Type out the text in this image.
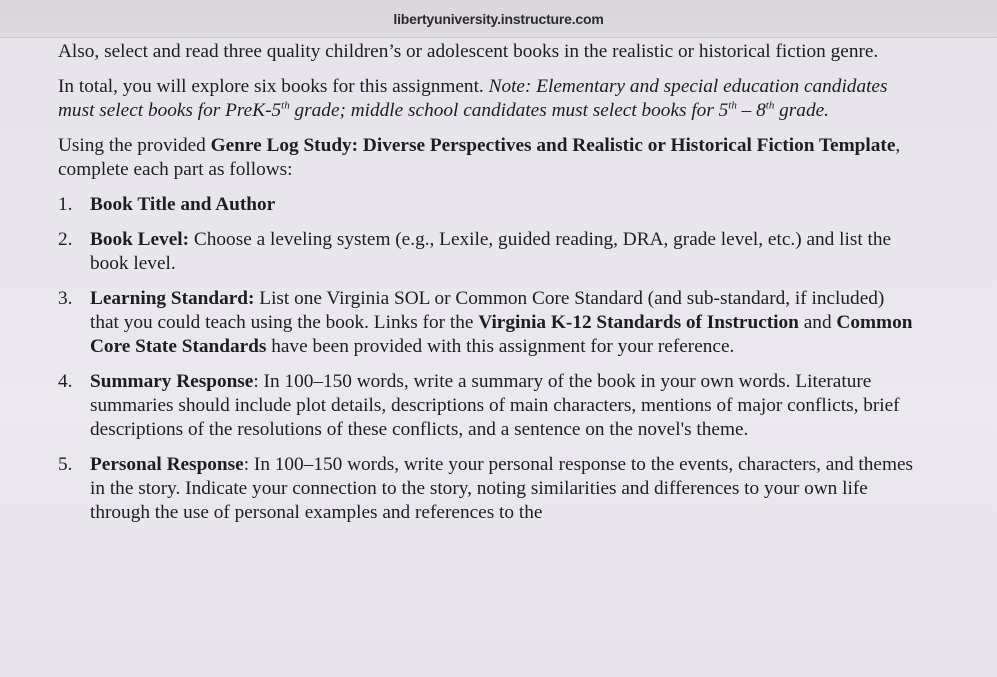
libertyuniversity.instructure.com

Also, select and read three quality children’s or adolescent books in the realistic or historical fiction genre.

In total, you will explore six books for this assignment. Note: Elementary and special education candidates must select books for PreK-5th grade; middle school candidates must select books for 5th – 8th grade.

Using the provided Genre Log Study: Diverse Perspectives and Realistic or Historical Fiction Template, complete each part as follows:

1. Book Title and Author
2. Book Level: Choose a leveling system (e.g., Lexile, guided reading, DRA, grade level, etc.) and list the book level.
3. Learning Standard: List one Virginia SOL or Common Core Standard (and sub-standard, if included) that you could teach using the book. Links for the Virginia K-12 Standards of Instruction and Common Core State Standards have been provided with this assignment for your reference.
4. Summary Response: In 100–150 words, write a summary of the book in your own words. Literature summaries should include plot details, descriptions of main characters, mentions of major conflicts, brief descriptions of the resolutions of these conflicts, and a sentence on the novel's theme.
5. Personal Response: In 100–150 words, write your personal response to the events, characters, and themes in the story. Indicate your connection to the story, noting similarities and differences to your own life through the use of personal examples and references to the
